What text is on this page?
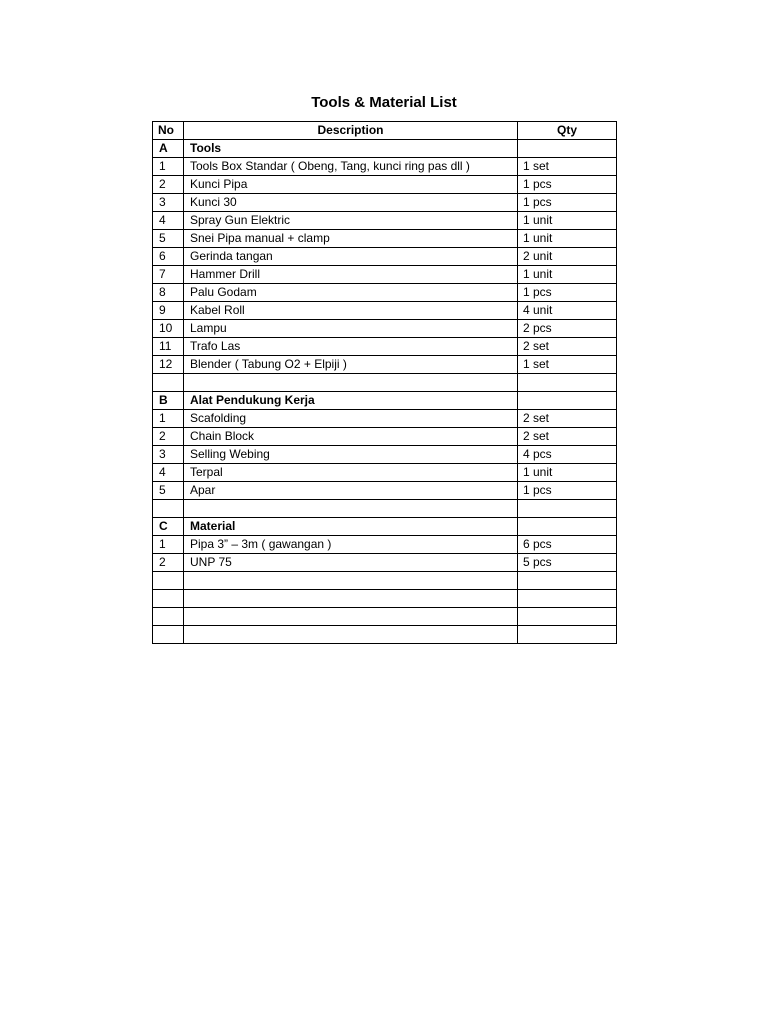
Tools & Material List
No	Description	Qty
A	Tools	
1	Tools Box Standar ( Obeng, Tang, kunci ring pas dll )	1 set
2	Kunci Pipa	1 pcs
3	Kunci 30	1 pcs
4	Spray Gun Elektric	1 unit
5	Snei Pipa manual + clamp	1 unit
6	Gerinda tangan	2 unit
7	Hammer Drill	1 unit
8	Palu Godam	1 pcs
9	Kabel Roll	4 unit
10	Lampu	2 pcs
11	Trafo Las	2 set
12	Blender ( Tabung O2 + Elpiji )	1 set

B	Alat Pendukung Kerja	
1	Scafolding	2 set
2	Chain Block	2 set
3	Selling Webing	4 pcs
4	Terpal	1 unit
5	Apar	1 pcs

C	Material	
1	Pipa 3” – 3m ( gawangan )	6 pcs
2	UNP 75	5 pcs
